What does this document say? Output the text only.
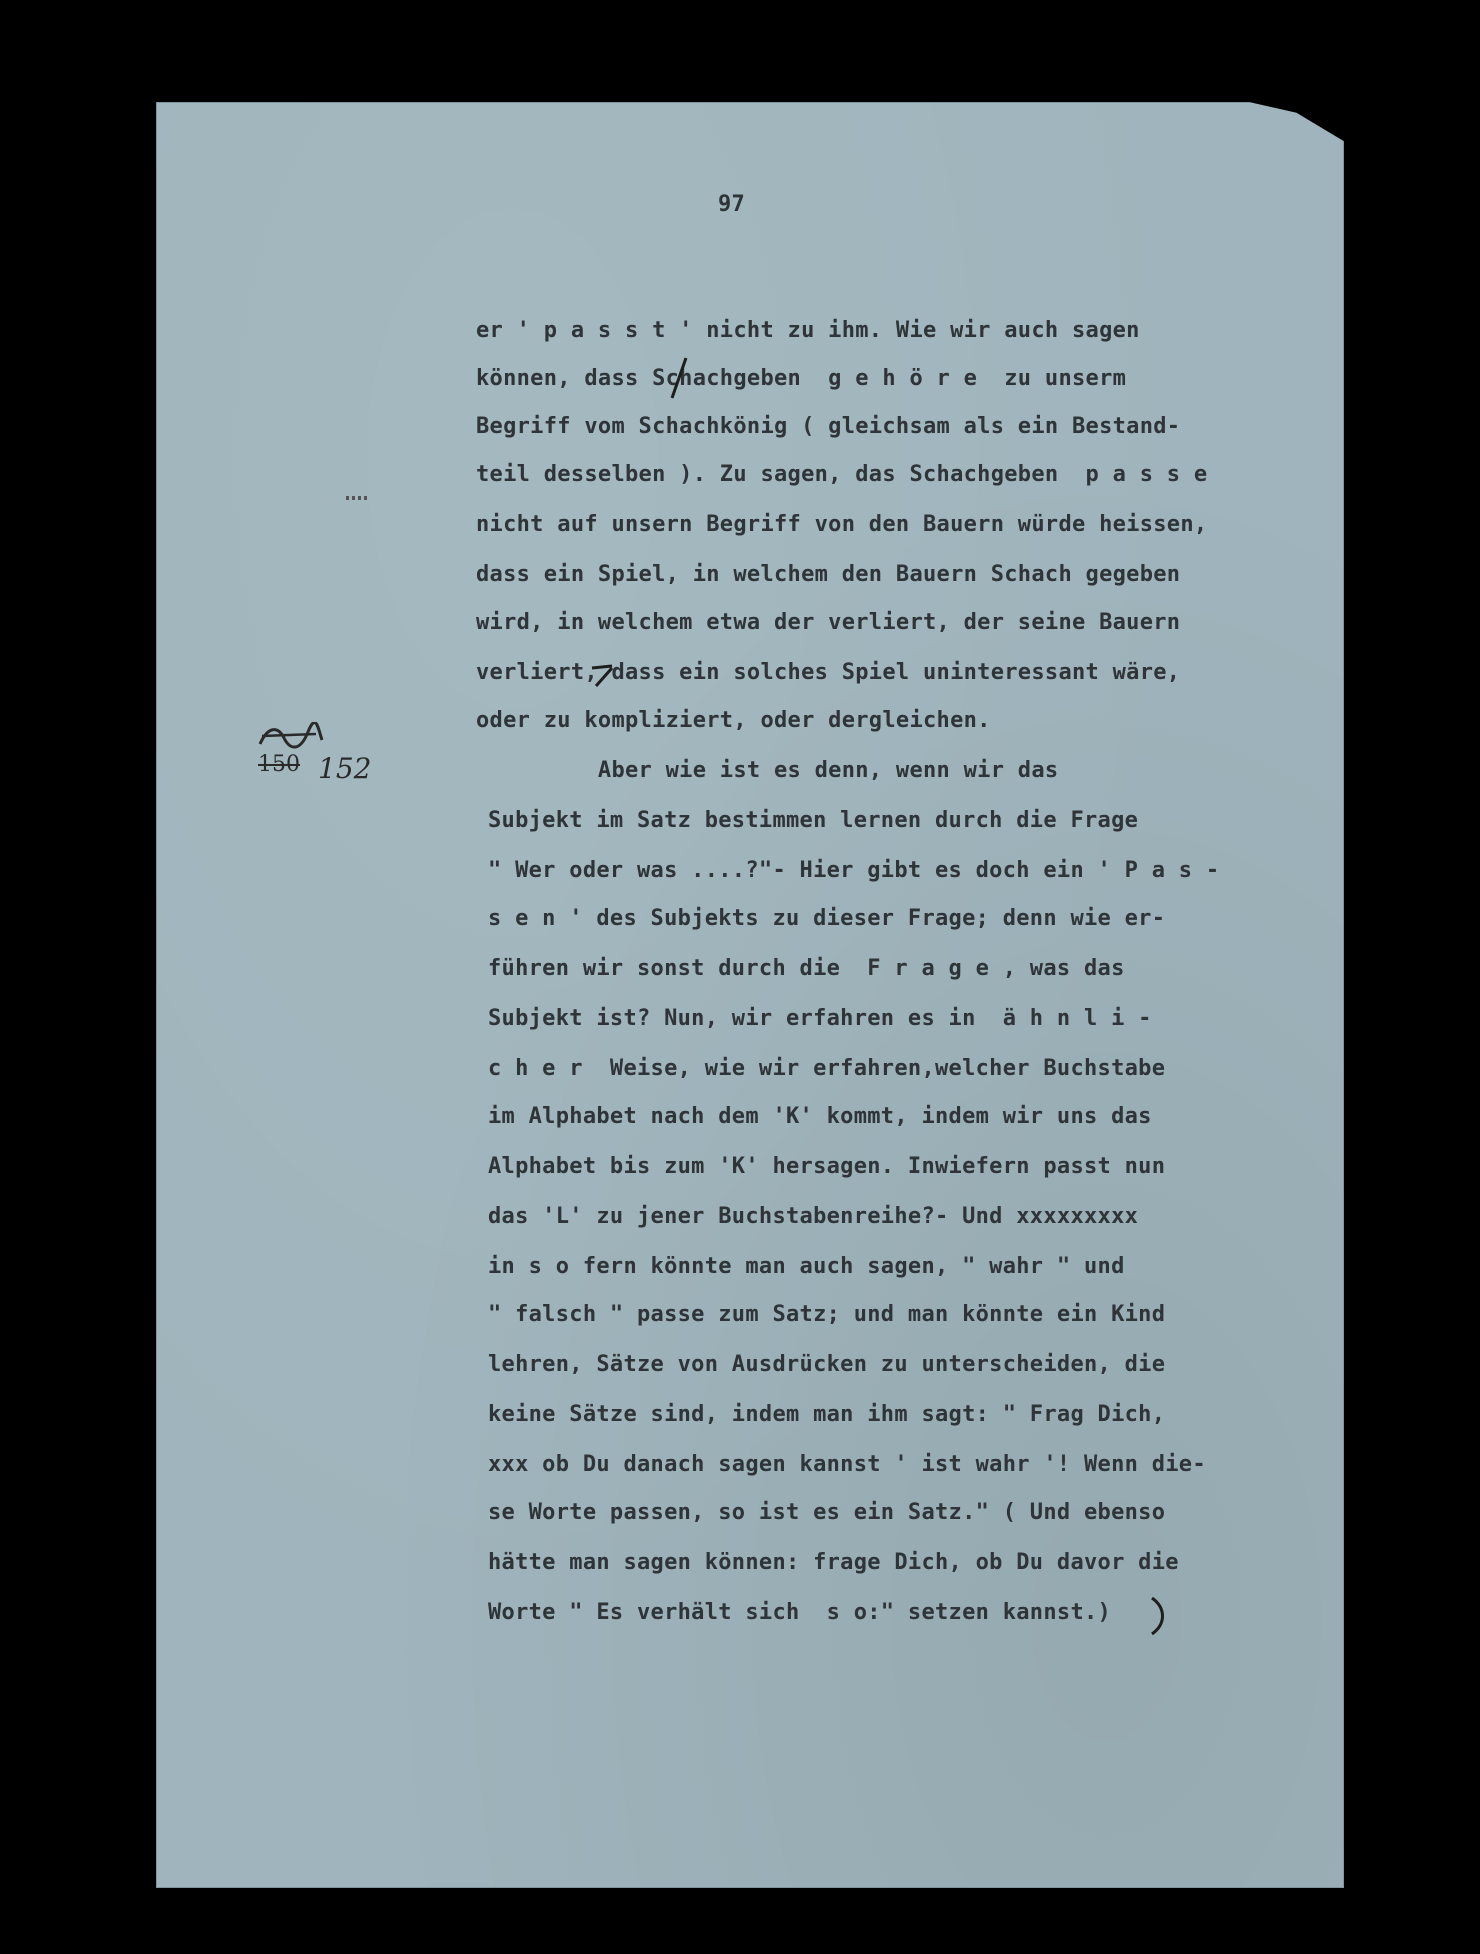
97
150 152
er ' p a s s t ' nicht zu ihm. Wie wir auch sagen
können, dass Schachgeben  g e h ö r e  zu unserm
Begriff vom Schachkönig ( gleichsam als ein Bestand-
teil desselben ). Zu sagen, das Schachgeben  p a s s e
nicht auf unsern Begriff von den Bauern würde heissen,
dass ein Spiel, in welchem den Bauern Schach gegeben
wird, in welchem etwa der verliert, der seine Bauern
verliert, dass ein solches Spiel uninteressant wäre,
oder zu kompliziert, oder dergleichen.
Aber wie ist es denn, wenn wir das
Subjekt im Satz bestimmen lernen durch die Frage
" Wer oder was ....?"- Hier gibt es doch ein ' P a s -
s e n ' des Subjekts zu dieser Frage; denn wie er-
führen wir sonst durch die  F r a g e , was das
Subjekt ist? Nun, wir erfahren es in  ä h n l i -
c h e r  Weise, wie wir erfahren,welcher Buchstabe
im Alphabet nach dem 'K' kommt, indem wir uns das
Alphabet bis zum 'K' hersagen. Inwiefern passt nun
das 'L' zu jener Buchstabenreihe?- Und xxxxxxxxx
in s o fern könnte man auch sagen, " wahr " und
" falsch " passe zum Satz; und man könnte ein Kind
lehren, Sätze von Ausdrücken zu unterscheiden, die
keine Sätze sind, indem man ihm sagt: " Frag Dich,
xxx ob Du danach sagen kannst ' ist wahr '! Wenn die-
se Worte passen, so ist es ein Satz." ( Und ebenso
hätte man sagen können: frage Dich, ob Du davor die
Worte " Es verhält sich  s o:" setzen kannst.)
